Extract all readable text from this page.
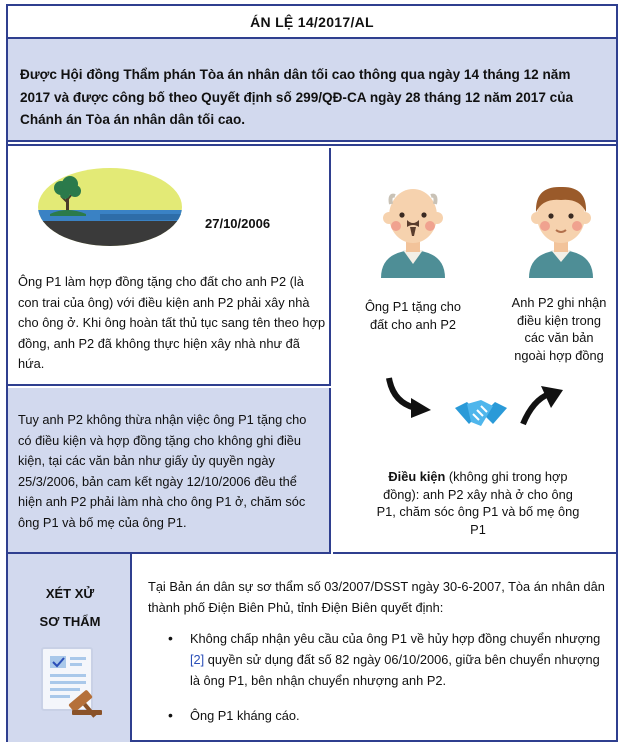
ÁN LỆ 14/2017/AL
Được Hội đồng Thẩm phán Tòa án nhân dân tối cao thông qua ngày 14 tháng 12 năm 2017 và được công bố theo Quyết định số 299/QĐ-CA ngày 28 tháng 12 năm 2017 của Chánh án Tòa án nhân dân tối cao.
27/10/2006
Ông P1 làm hợp đồng tặng cho đất cho anh P2 (là con trai của ông) với điều kiện anh P2 phải xây nhà cho ông ở. Khi ông hoàn tất thủ tục sang tên theo hợp đồng, anh P2 đã không thực hiện xây nhà như đã hứa.
Tuy anh P2 không thừa nhận việc ông P1 tặng cho có điều kiện và hợp đồng tặng cho không ghi điều kiện, tại các văn bản như giấy ủy quyền ngày 25/3/2006, bản cam kết ngày 12/10/2006 đều thể hiện anh P2 phải làm nhà cho ông P1 ở, chăm sóc ông P1 và bố mẹ của ông P1.
Ông P1 tặng cho đất cho anh P2
Anh P2 ghi nhận điều kiện trong các văn bản ngoài hợp đồng
Điều kiện (không ghi trong hợp đồng): anh P2 xây nhà ở cho ông P1, chăm sóc ông P1 và bố mẹ ông P1
XÉT XỬ
SƠ THẨM
Tại Bản án dân sự sơ thẩm số 03/2007/DSST ngày 30-6-2007, Tòa án nhân dân thành phố Điện Biên Phủ, tỉnh Điện Biên quyết định:
• Không chấp nhận yêu cầu của ông P1 về hủy hợp đồng chuyển nhượng [2] quyền sử dụng đất số 82 ngày 06/10/2006, giữa bên chuyển nhượng là ông P1, bên nhận chuyển nhượng anh P2.
• Ông P1 kháng cáo.
